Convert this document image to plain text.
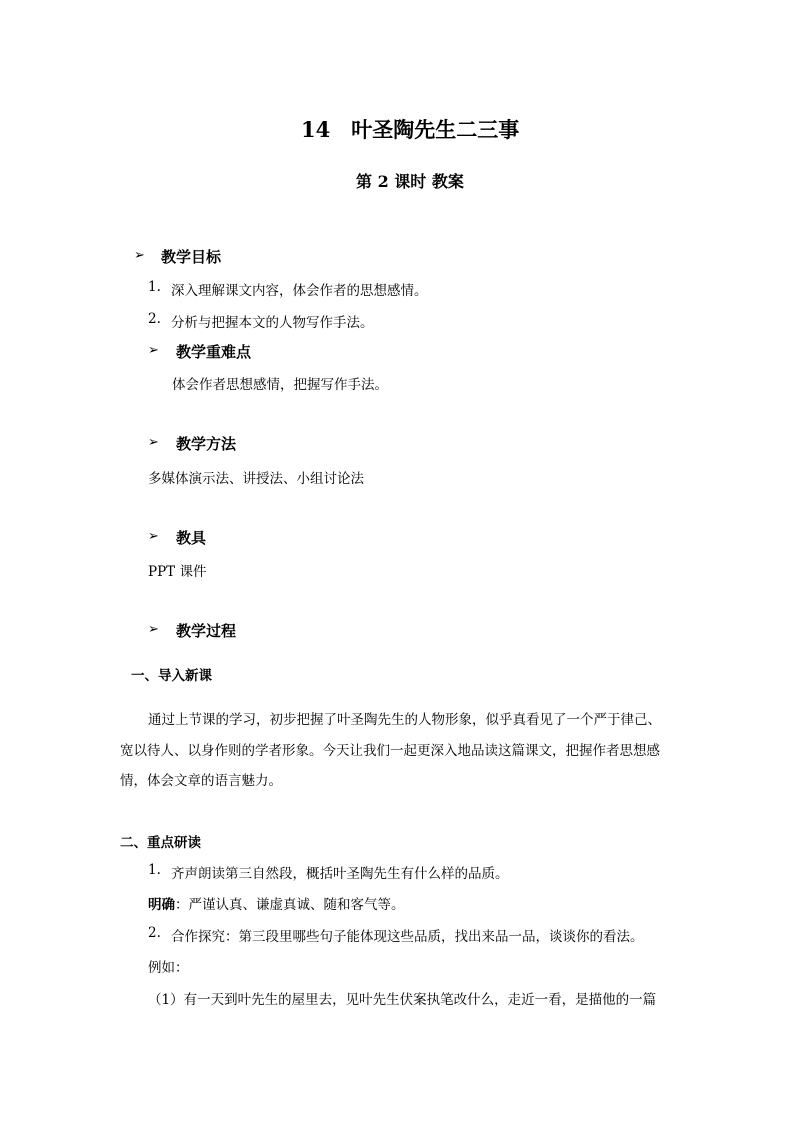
14　叶圣陶先生二三事
第 2 课时 教案
➢ 教学目标
1. 深入理解课文内容，体会作者的思想感情。
2. 分析与把握本文的人物写作手法。
➢ 教学重难点
体会作者思想感情，把握写作手法。
➢ 教学方法
多媒体演示法、讲授法、小组讨论法
➢ 教具
PPT 课件
➢ 教学过程
一、导入新课
通过上节课的学习，初步把握了叶圣陶先生的人物形象，似乎真看见了一个严于律己、
宽以待人、以身作则的学者形象。今天让我们一起更深入地品读这篇课文，把握作者思想感
情，体会文章的语言魅力。
二、重点研读
1. 齐声朗读第三自然段，概括叶圣陶先生有什么样的品质。
明确：严谨认真、谦虚真诚、随和客气等。
2. 合作探究：第三段里哪些句子能体现这些品质，找出来品一品，谈谈你的看法。
例如：
（1）有一天到叶先生的屋里去，见叶先生伏案执笔改什么，走近一看，是描他的一篇
